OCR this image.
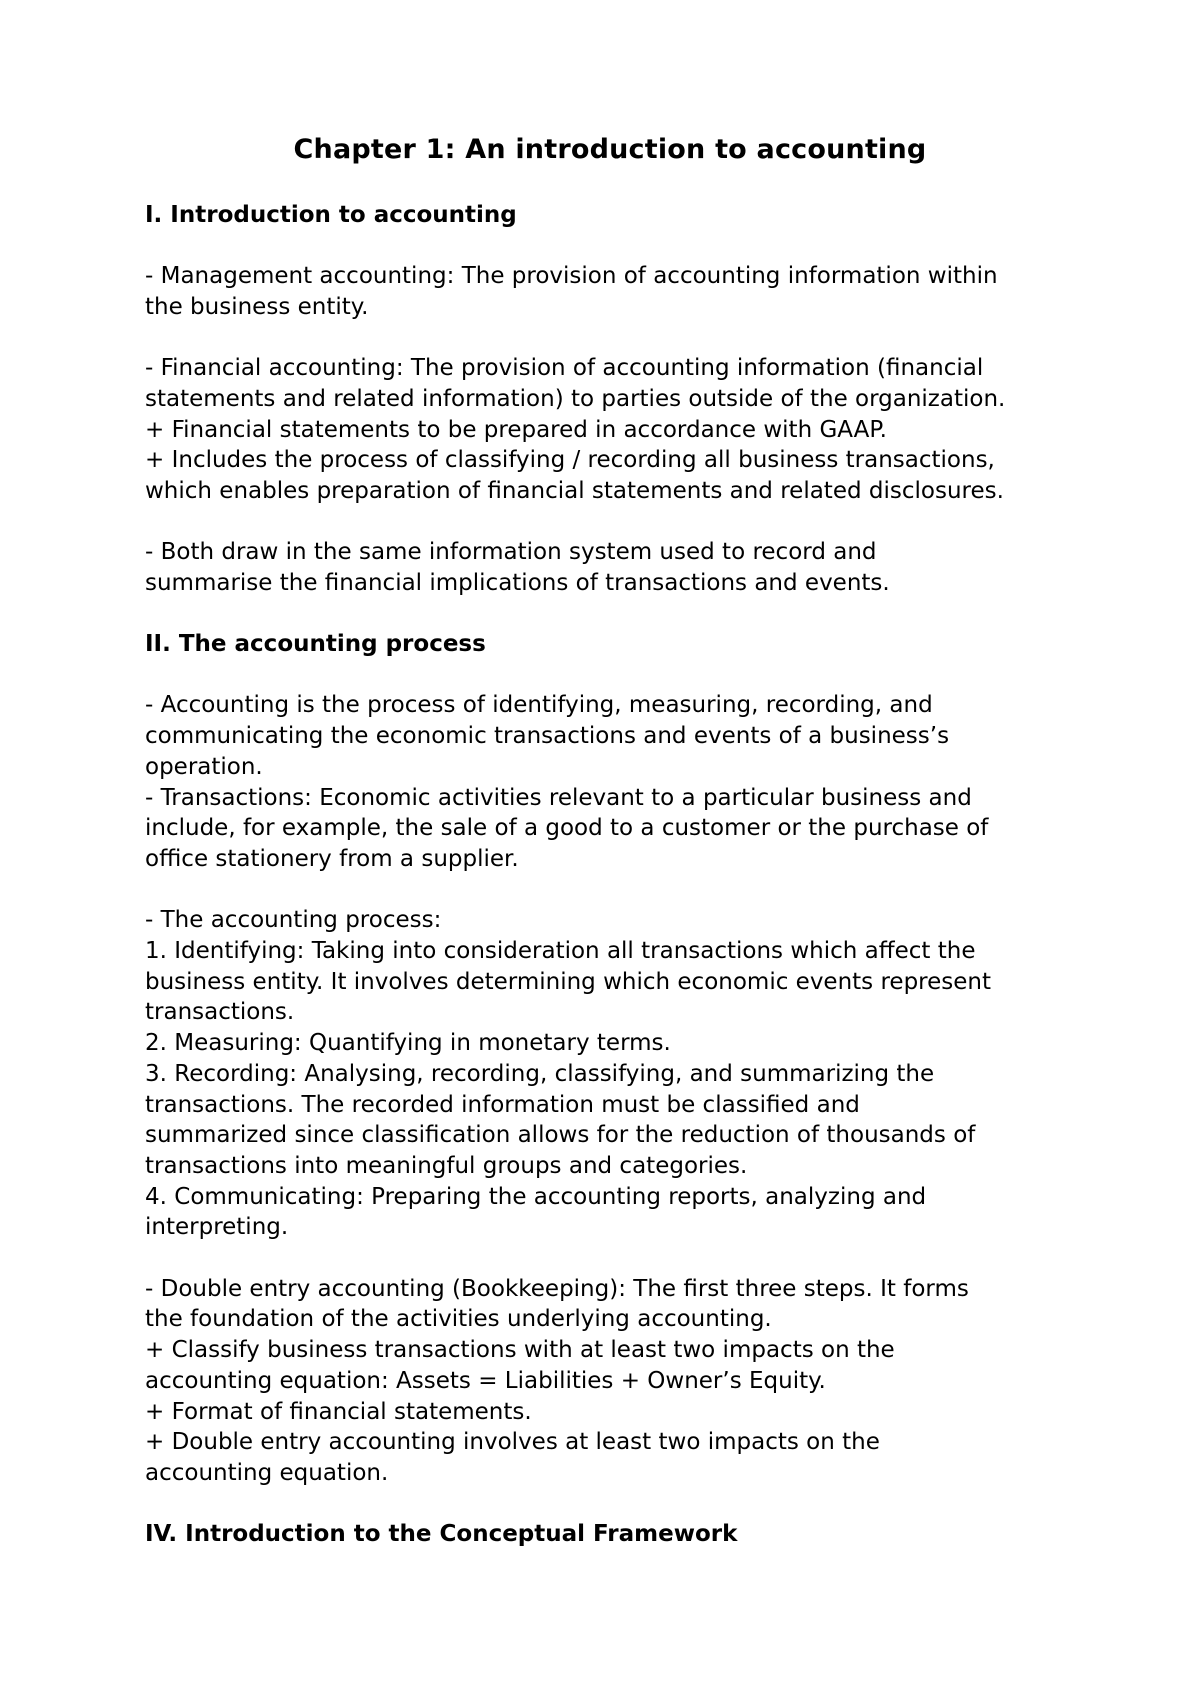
Chapter 1: An introduction to accounting
I. Introduction to accounting
- Management accounting: The provision of accounting information within
the business entity.
- Financial accounting: The provision of accounting information (financial
statements and related information) to parties outside of the organization.
+ Financial statements to be prepared in accordance with GAAP.
+ Includes the process of classifying / recording all business transactions,
which enables preparation of financial statements and related disclosures.
- Both draw in the same information system used to record and
summarise the financial implications of transactions and events.
II. The accounting process
- Accounting is the process of identifying, measuring, recording, and
communicating the economic transactions and events of a business’s
operation.
- Transactions: Economic activities relevant to a particular business and
include, for example, the sale of a good to a customer or the purchase of
office stationery from a supplier.
- The accounting process:
1. Identifying: Taking into consideration all transactions which affect the
business entity. It involves determining which economic events represent
transactions.
2. Measuring: Quantifying in monetary terms.
3. Recording: Analysing, recording, classifying, and summarizing the
transactions. The recorded information must be classified and
summarized since classification allows for the reduction of thousands of
transactions into meaningful groups and categories.
4. Communicating: Preparing the accounting reports, analyzing and
interpreting.
- Double entry accounting (Bookkeeping): The first three steps. It forms
the foundation of the activities underlying accounting.
+ Classify business transactions with at least two impacts on the
accounting equation: Assets = Liabilities + Owner’s Equity.
+ Format of financial statements.
+ Double entry accounting involves at least two impacts on the
accounting equation.
IV. Introduction to the Conceptual Framework
